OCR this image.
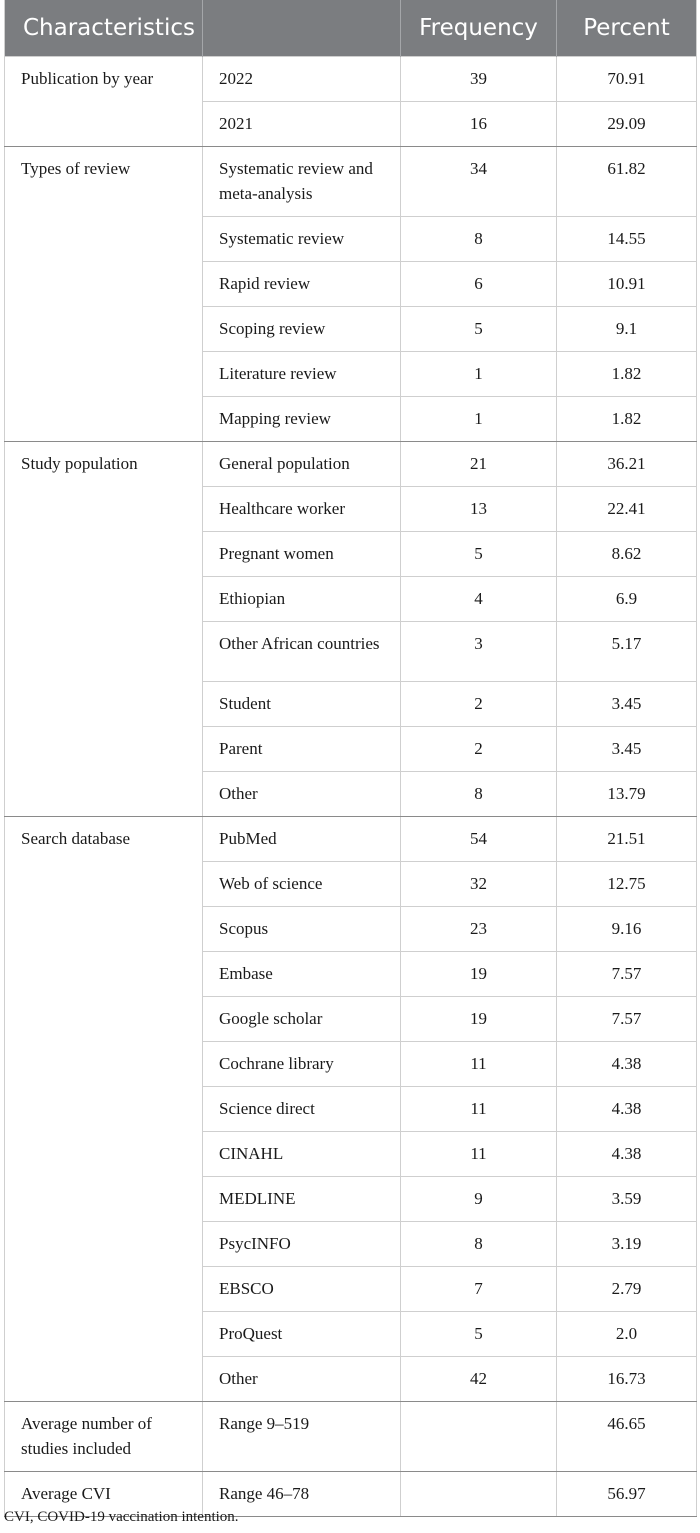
Characteristics		Frequency	Percent
Publication by year	2022	39	70.91
	2021	16	29.09
Types of review	Systematic review and meta-analysis	34	61.82
	Systematic review	8	14.55
	Rapid review	6	10.91
	Scoping review	5	9.1
	Literature review	1	1.82
	Mapping review	1	1.82
Study population	General population	21	36.21
	Healthcare worker	13	22.41
	Pregnant women	5	8.62
	Ethiopian	4	6.9
	Other African countries	3	5.17
	Student	2	3.45
	Parent	2	3.45
	Other	8	13.79
Search database	PubMed	54	21.51
	Web of science	32	12.75
	Scopus	23	9.16
	Embase	19	7.57
	Google scholar	19	7.57
	Cochrane library	11	4.38
	Science direct	11	4.38
	CINAHL	11	4.38
	MEDLINE	9	3.59
	PsycINFO	8	3.19
	EBSCO	7	2.79
	ProQuest	5	2.0
	Other	42	16.73
Average number of studies included	Range 9–519		46.65
Average CVI	Range 46–78		56.97
CVI, COVID-19 vaccination intention.
